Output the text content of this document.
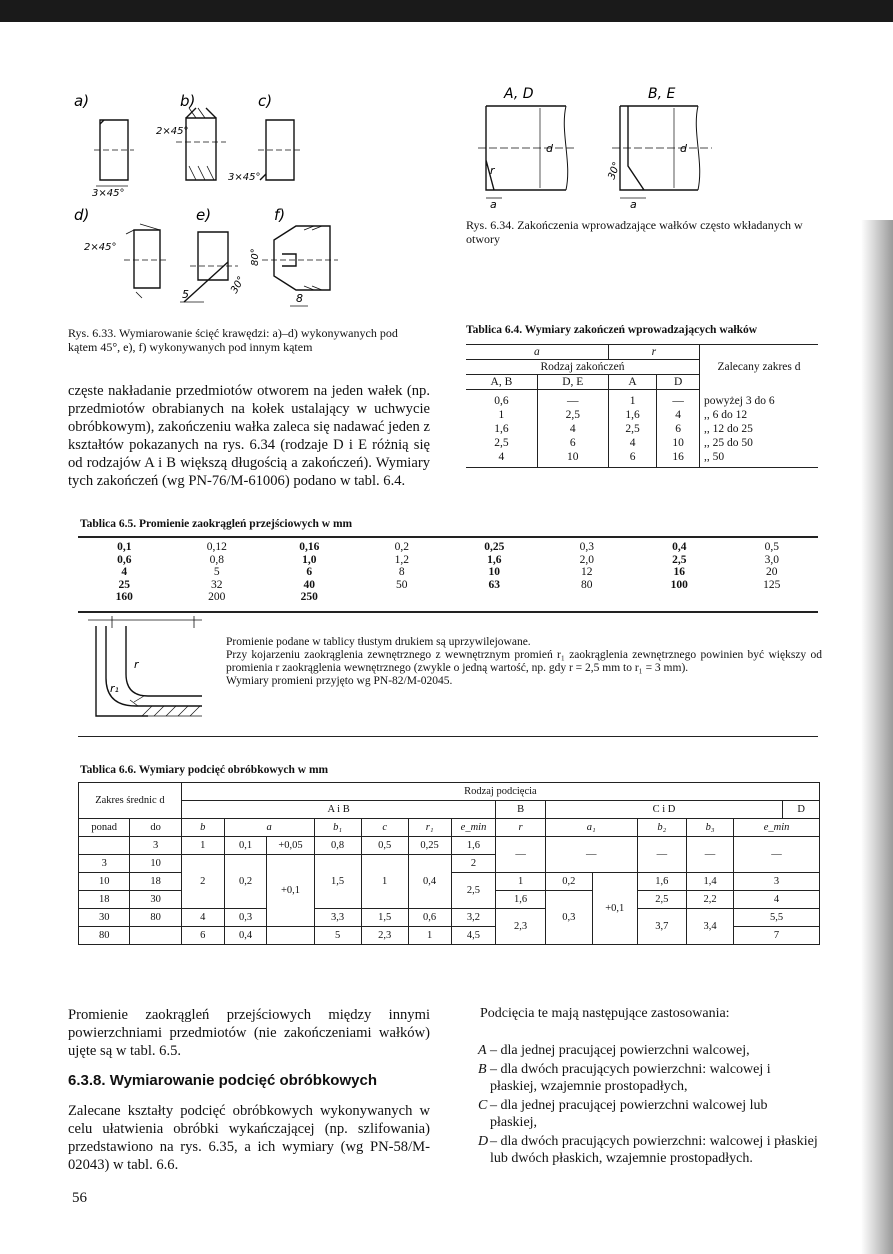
a)	b)	c)
d)	e)	f)
2×45°
3×45°
3×45°
2×45°
5	30°
80°
8
Rys. 6.33. Wymiarowanie ścięć krawędzi: a)–d) wykonywanych pod kątem 45°, e), f) wykonywanych pod innym kątem
A, D	B, E
d	d
a	a
r	30°
Rys. 6.34. Zakończenia wprowadzające wałków często wkładanych w otwory
częste nakładanie przedmiotów otworem na jeden wałek (np. przedmiotów obrabianych na kołek ustalający w uchwycie obróbkowym), zakończeniu wałka zaleca się nadawać jeden z kształtów pokazanych na rys. 6.34 (rodzaje D i E różnią się od rodzajów A i B większą długością a zakończeń). Wymiary tych zakończeń (wg PN-76/M-61006) podano w tabl. 6.4.
Tablica 6.4. Wymiary zakończeń wprowadzających wałków
a		r		Zalecany zakres d
Rodzaj zakończeń				
A, B	D, E	A	D	
0,6	—	1	—	powyżej 3 do 6
1	2,5	1,6	4	,, 6 do 12
1,6	4	2,5	6	,, 12 do 25
2,5	6	4	10	,, 25 do 50
4	10	6	16	,, 50
Tablica 6.5. Promienie zaokrągleń przejściowych w mm
0,1	0,12	0,16	0,2	0,25	0,3	0,4	0,5
0,6	0,8	1,0	1,2	1,6	2,0	2,5	3,0
4	5	6	8	10	12	16	20
25	32	40	50	63	80	100	125
160	200	250					
r
r₁
Promienie podane w tablicy tłustym drukiem są uprzywilejowane.
Przy kojarzeniu zaokrąglenia zewnętrznego z wewnętrznym promień r₁ zaokrąglenia zewnętrznego powinien być większy od promienia r zaokrąglenia wewnętrznego (zwykle o jedną wartość, np. gdy r = 2,5 mm to r₁ = 3 mm).
Wymiary promieni przyjęto wg PN-82/M-02045.
Tablica 6.6. Wymiary podcięć obróbkowych w mm
Zakres średnic d		Rodzaj podcięcia													
		A i B							B	C i D					D
ponad	do	b	a		b₁	c	r₁	e_min	r	a₁		b₂	b₃	e_min	
	3	1	0,1	+0,05	0,8	0,5	0,25	1,6	—	—		—	—	—	
3	10	2	0,2	+0,1	1,5	1	0,4	2							
10	18							2,5	1	0,2	+0,1	1,6	1,4	3	
18	30								1,6	0,3		2,5	2,2	4	
30	80	4	0,3		3,3	1,5	0,6	3,2	2,3			3,7	3,4	5,5	
80		6	0,4		5	2,3	1	4,5						7	
Promienie zaokrągleń przejściowych między innymi powierzchniami przedmiotów (nie zakończeniami wałków) ujęte są w tabl. 6.5.
6.3.8. Wymiarowanie podcięć obróbkowych
Zalecane kształty podcięć obróbkowych wykonywanych w celu ułatwienia obróbki wykańczającej (np. szlifowania) przedstawiono na rys. 6.35, a ich wymiary (wg PN-58/M-02043) w tabl. 6.6.
Podcięcia te mają następujące zastosowania:
A – dla jednej pracującej powierzchni walcowej,
B – dla dwóch pracujących powierzchni: walcowej i płaskiej, wzajemnie prostopadłych,
C – dla jednej pracującej powierzchni walcowej lub płaskiej,
D – dla dwóch pracujących powierzchni: walcowej i płaskiej lub dwóch płaskich, wzajemnie prostopadłych.
56
